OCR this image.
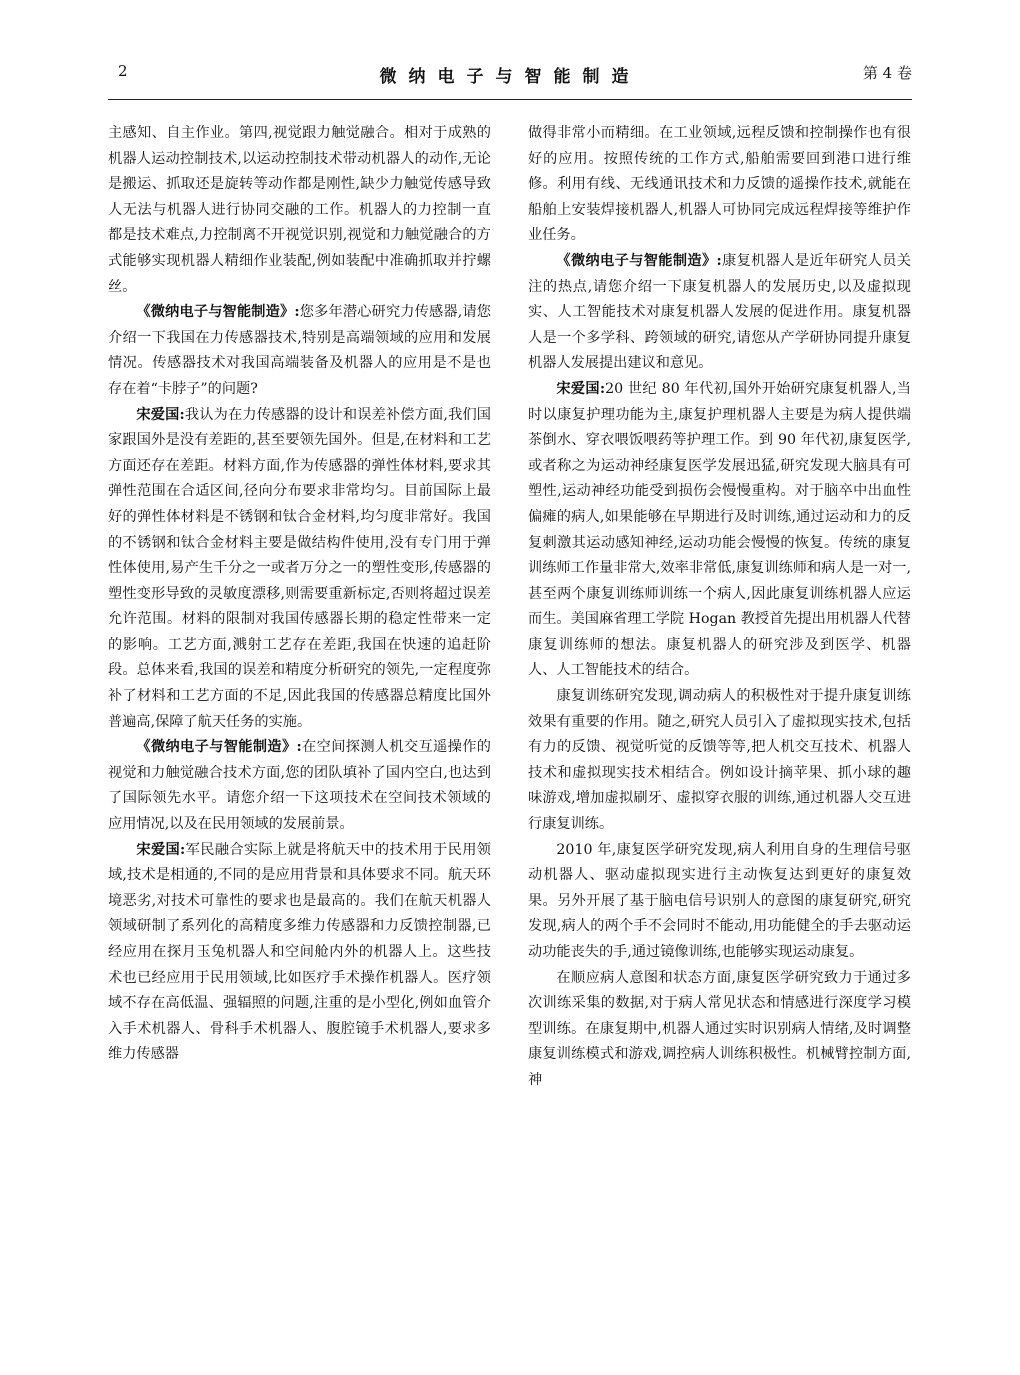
2	微纳电子与智能制造	第 4 卷

主感知、自主作业。第四,视觉跟力触觉融合。相对于成熟的机器人运动控制技术,以运动控制技术带动机器人的动作,无论是搬运、抓取还是旋转等动作都是刚性,缺少力触觉传感导致人无法与机器人进行协同交融的工作。机器人的力控制一直都是技术难点,力控制离不开视觉识别,视觉和力触觉融合的方式能够实现机器人精细作业装配,例如装配中准确抓取并拧螺丝。

《微纳电子与智能制造》:您多年潜心研究力传感器,请您介绍一下我国在力传感器技术,特别是高端领域的应用和发展情况。传感器技术对我国高端装备及机器人的应用是不是也存在着“卡脖子”的问题?

宋爱国:我认为在力传感器的设计和误差补偿方面,我们国家跟国外是没有差距的,甚至要领先国外。但是,在材料和工艺方面还存在差距。材料方面,作为传感器的弹性体材料,要求其弹性范围在合适区间,径向分布要求非常均匀。目前国际上最好的弹性体材料是不锈钢和钛合金材料,均匀度非常好。我国的不锈钢和钛合金材料主要是做结构件使用,没有专门用于弹性体使用,易产生千分之一或者万分之一的塑性变形,传感器的塑性变形导致的灵敏度漂移,则需要重新标定,否则将超过误差允许范围。材料的限制对我国传感器长期的稳定性带来一定的影响。工艺方面,溅射工艺存在差距,我国在快速的追赶阶段。总体来看,我国的误差和精度分析研究的领先,一定程度弥补了材料和工艺方面的不足,因此我国的传感器总精度比国外普遍高,保障了航天任务的实施。

《微纳电子与智能制造》:在空间探测人机交互遥操作的视觉和力触觉融合技术方面,您的团队填补了国内空白,也达到了国际领先水平。请您介绍一下这项技术在空间技术领域的应用情况,以及在民用领域的发展前景。

宋爱国:军民融合实际上就是将航天中的技术用于民用领域,技术是相通的,不同的是应用背景和具体要求不同。航天环境恶劣,对技术可靠性的要求也是最高的。我们在航天机器人领域研制了系列化的高精度多维力传感器和力反馈控制器,已经应用在探月玉兔机器人和空间舱内外的机器人上。这些技术也已经应用于民用领域,比如医疗手术操作机器人。医疗领域不存在高低温、强辐照的问题,注重的是小型化,例如血管介入手术机器人、骨科手术机器人、腹腔镜手术机器人,要求多维力传感器

做得非常小而精细。在工业领域,远程反馈和控制操作也有很好的应用。按照传统的工作方式,船舶需要回到港口进行维修。利用有线、无线通讯技术和力反馈的遥操作技术,就能在船舶上安装焊接机器人,机器人可协同完成远程焊接等维护作业任务。

《微纳电子与智能制造》:康复机器人是近年研究人员关注的热点,请您介绍一下康复机器人的发展历史,以及虚拟现实、人工智能技术对康复机器人发展的促进作用。康复机器人是一个多学科、跨领域的研究,请您从产学研协同提升康复机器人发展提出建议和意见。

宋爱国:20 世纪 80 年代初,国外开始研究康复机器人,当时以康复护理功能为主,康复护理机器人主要是为病人提供端茶倒水、穿衣喂饭喂药等护理工作。到 90 年代初,康复医学,或者称之为运动神经康复医学发展迅猛,研究发现大脑具有可塑性,运动神经功能受到损伤会慢慢重构。对于脑卒中出血性偏瘫的病人,如果能够在早期进行及时训练,通过运动和力的反复刺激其运动感知神经,运动功能会慢慢的恢复。传统的康复训练师工作量非常大,效率非常低,康复训练师和病人是一对一,甚至两个康复训练师训练一个病人,因此康复训练机器人应运而生。美国麻省理工学院 Hogan 教授首先提出用机器人代替康复训练师的想法。康复机器人的研究涉及到医学、机器人、人工智能技术的结合。

康复训练研究发现,调动病人的积极性对于提升康复训练效果有重要的作用。随之,研究人员引入了虚拟现实技术,包括有力的反馈、视觉听觉的反馈等等,把人机交互技术、机器人技术和虚拟现实技术相结合。例如设计摘苹果、抓小球的趣味游戏,增加虚拟刷牙、虚拟穿衣服的训练,通过机器人交互进行康复训练。

2010 年,康复医学研究发现,病人利用自身的生理信号驱动机器人、驱动虚拟现实进行主动恢复达到更好的康复效果。另外开展了基于脑电信号识别人的意图的康复研究,研究发现,病人的两个手不会同时不能动,用功能健全的手去驱动运动功能丧失的手,通过镜像训练,也能够实现运动康复。

在顺应病人意图和状态方面,康复医学研究致力于通过多次训练采集的数据,对于病人常见状态和情感进行深度学习模型训练。在康复期中,机器人通过实时识别病人情绪,及时调整康复训练模式和游戏,调控病人训练积极性。机械臂控制方面,神
